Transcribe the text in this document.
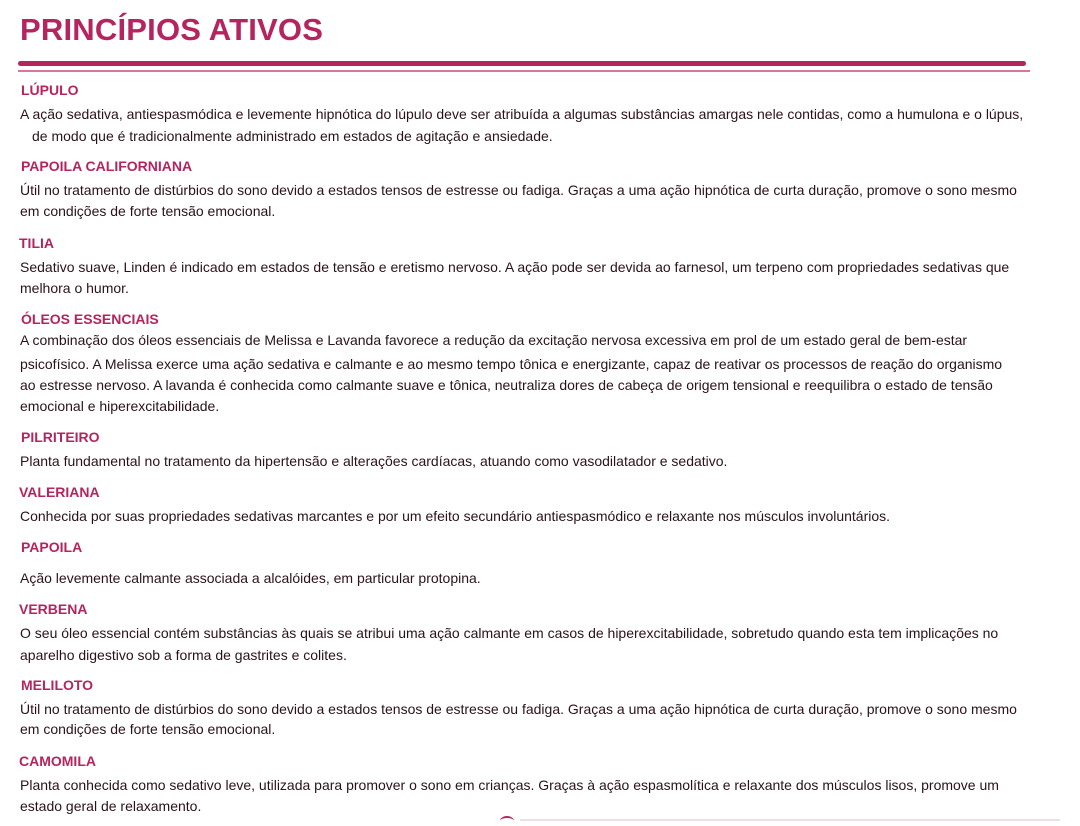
PRINCÍPIOS ATIVOS
LÚPULO
A ação sedativa, antiespasmódica e levemente hipnótica do lúpulo deve ser atribuída a algumas substâncias amargas nele contidas, como a humulona e o lúpus,
de modo que é tradicionalmente administrado em estados de agitação e ansiedade.
PAPOILA CALIFORNIANA
Útil no tratamento de distúrbios do sono devido a estados tensos de estresse ou fadiga. Graças a uma ação hipnótica de curta duração, promove o sono mesmo
em condições de forte tensão emocional.
TILIA
Sedativo suave, Linden é indicado em estados de tensão e eretismo nervoso. A ação pode ser devida ao farnesol, um terpeno com propriedades sedativas que
melhora o humor.
ÓLEOS ESSENCIAIS
A combinação dos óleos essenciais de Melissa e Lavanda favorece a redução da excitação nervosa excessiva em prol de um estado geral de bem-estar
psicofísico. A Melissa exerce uma ação sedativa e calmante e ao mesmo tempo tônica e energizante, capaz de reativar os processos de reação do organismo
ao estresse nervoso. A lavanda é conhecida como calmante suave e tônica, neutraliza dores de cabeça de origem tensional e reequilibra o estado de tensão
emocional e hiperexcitabilidade.
PILRITEIRO
Planta fundamental no tratamento da hipertensão e alterações cardíacas, atuando como vasodilatador e sedativo.
VALERIANA
Conhecida por suas propriedades sedativas marcantes e por um efeito secundário antiespasmódico e relaxante nos músculos involuntários.
PAPOILA
Ação levemente calmante associada a alcalóides, em particular protopina.
VERBENA
O seu óleo essencial contém substâncias às quais se atribui uma ação calmante em casos de hiperexcitabilidade, sobretudo quando esta tem implicações no
aparelho digestivo sob a forma de gastrites e colites.
MELILOTO
Útil no tratamento de distúrbios do sono devido a estados tensos de estresse ou fadiga. Graças a uma ação hipnótica de curta duração, promove o sono mesmo
em condições de forte tensão emocional.
CAMOMILA
Planta conhecida como sedativo leve, utilizada para promover o sono em crianças. Graças à ação espasmolítica e relaxante dos músculos lisos, promove um
estado geral de relaxamento.
